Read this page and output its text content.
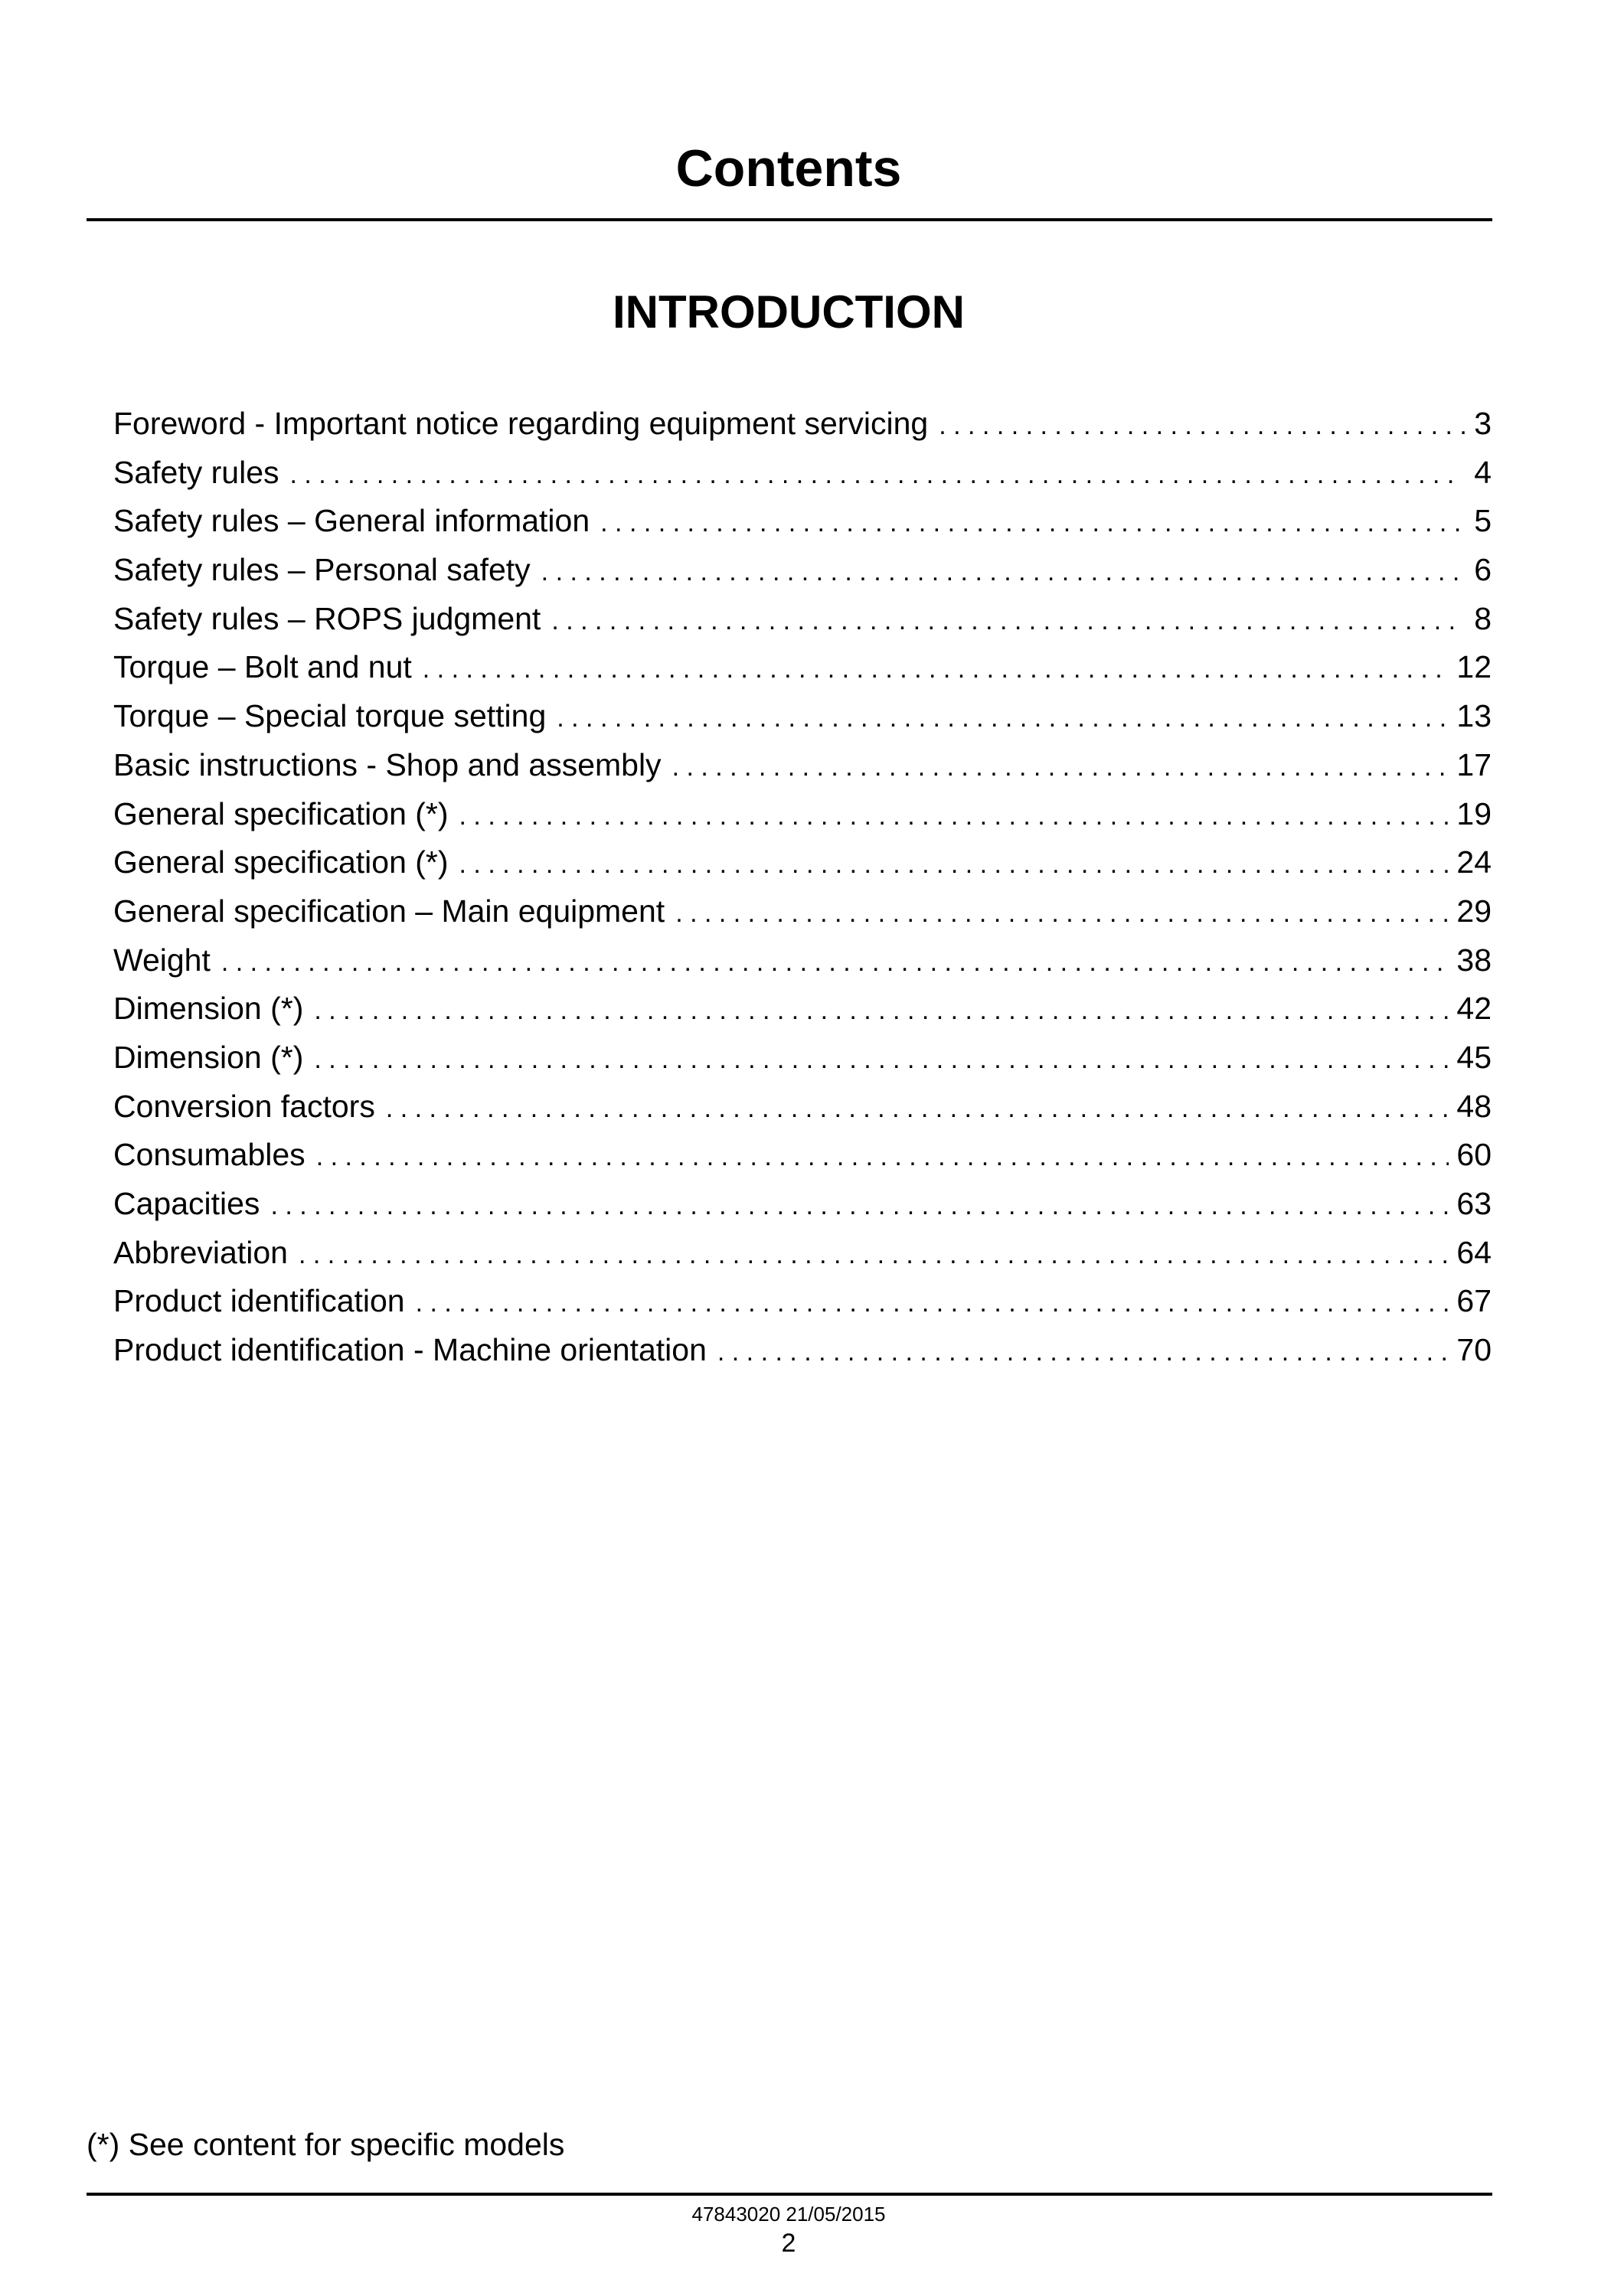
Contents
INTRODUCTION
Foreword - Important notice regarding equipment servicing . . .	3
Safety rules . . .	4
Safety rules – General information . . .	5
Safety rules – Personal safety . . .	6
Safety rules – ROPS judgment . . .	8
Torque – Bolt and nut . . .	12
Torque – Special torque setting . . .	13
Basic instructions - Shop and assembly . . .	17
General specification (*) . . .	19
General specification (*) . . .	24
General specification – Main equipment . . .	29
Weight . . .	38
Dimension (*) . . .	42
Dimension (*) . . .	45
Conversion factors . . .	48
Consumables . . .	60
Capacities . . .	63
Abbreviation . . .	64
Product identification . . .	67
Product identification - Machine orientation . . .	70
(*) See content for specific models
47843020 21/05/2015
2
